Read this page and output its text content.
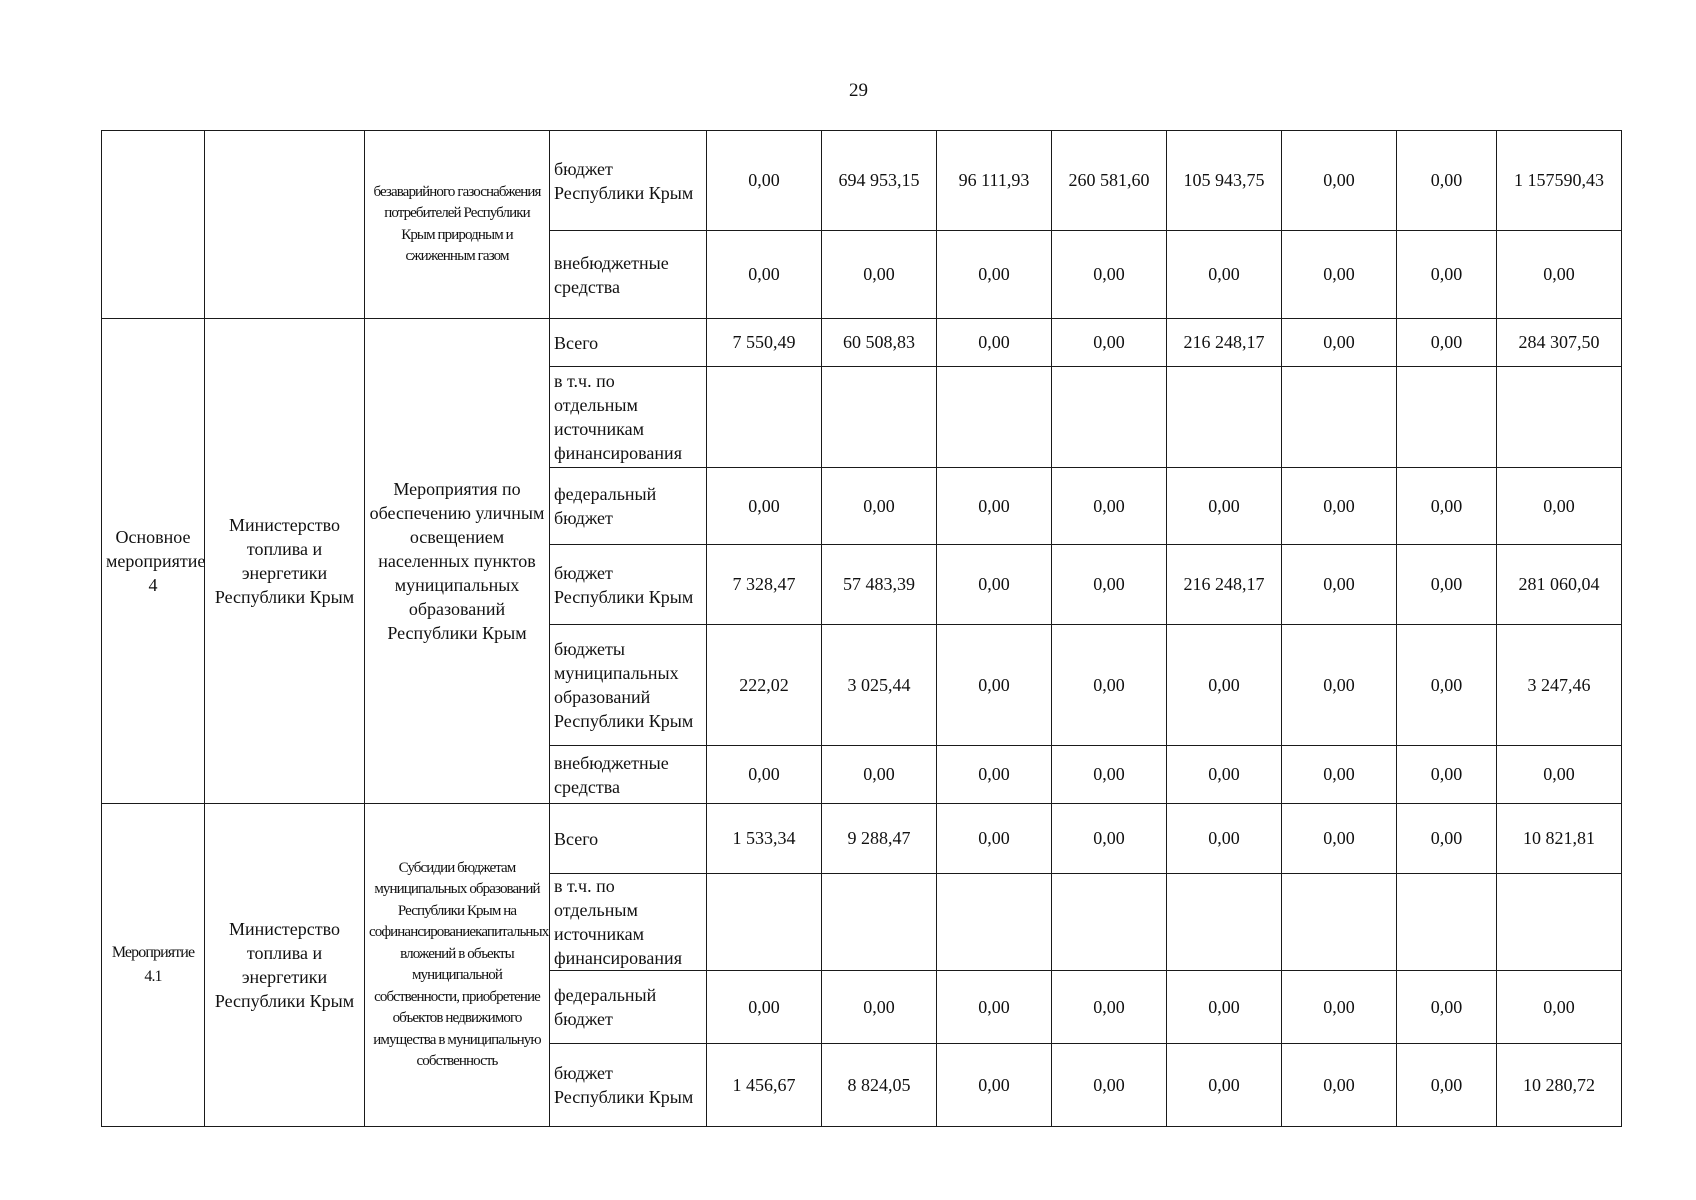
29
		безаварийного газоснабжения потребителей Республики Крым природным и сжиженным газом	бюджет Республики Крым	0,00	694 953,15	96 111,93	260 581,60	105 943,75	0,00	0,00	1 157590,43
			внебюджетные средства	0,00	0,00	0,00	0,00	0,00	0,00	0,00	0,00
Основное мероприятие 4	Министерство топлива и энергетики Республики Крым	Мероприятия по обеспечению уличным освещением населенных пунктов муниципальных образований Республики Крым	Всего	7 550,49	60 508,83	0,00	0,00	216 248,17	0,00	0,00	284 307,50
			в т.ч. по отдельным источникам финансирования								
			федеральный бюджет	0,00	0,00	0,00	0,00	0,00	0,00	0,00	0,00
			бюджет Республики Крым	7 328,47	57 483,39	0,00	0,00	216 248,17	0,00	0,00	281 060,04
			бюджеты муниципальных образований Республики Крым	222,02	3 025,44	0,00	0,00	0,00	0,00	0,00	3 247,46
			внебюджетные средства	0,00	0,00	0,00	0,00	0,00	0,00	0,00	0,00
Мероприятие 4.1	Министерство топлива и энергетики Республики Крым	Субсидии бюджетам муниципальных образований Республики Крым на софинансированиекапитальных вложений в объекты муниципальной собственности, приобретение объектов недвижимого имущества в муниципальную собственность	Всего	1 533,34	9 288,47	0,00	0,00	0,00	0,00	0,00	10 821,81
			в т.ч. по отдельным источникам финансирования								
			федеральный бюджет	0,00	0,00	0,00	0,00	0,00	0,00	0,00	0,00
			бюджет Республики Крым	1 456,67	8 824,05	0,00	0,00	0,00	0,00	0,00	10 280,72
